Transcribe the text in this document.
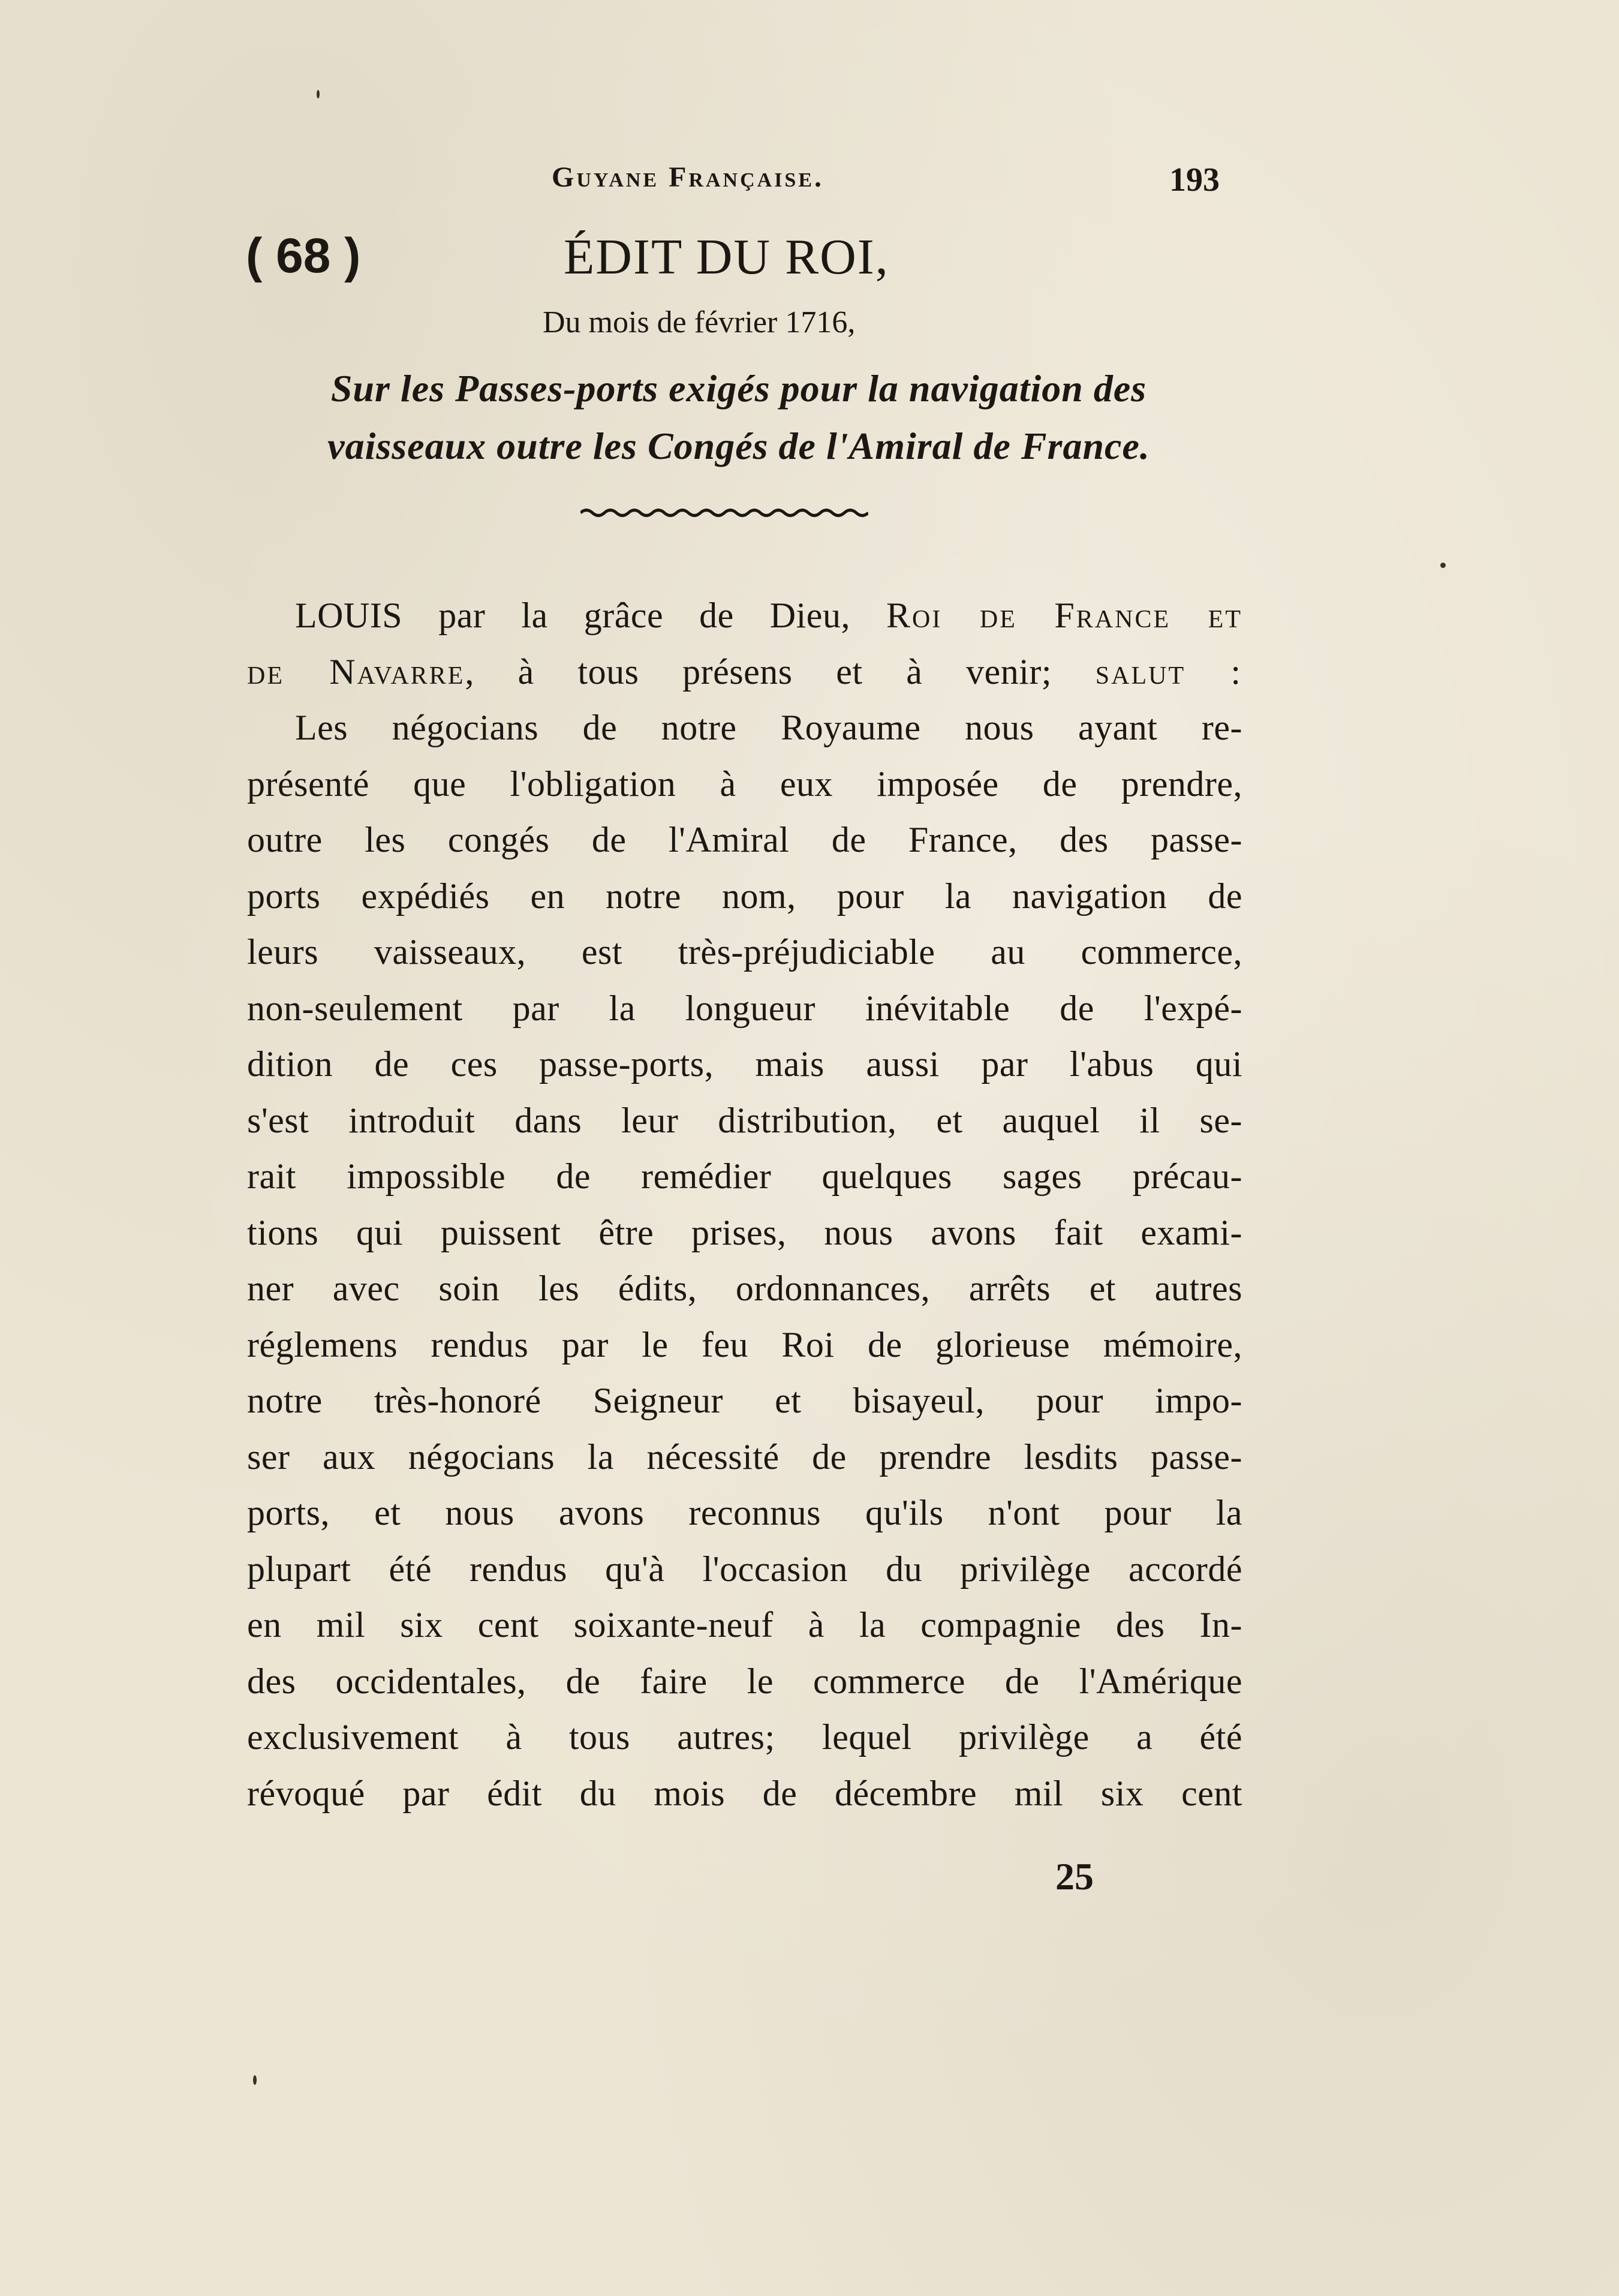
Guyane Française.	193
( 68 )	ÉDIT DU ROI,
Du mois de février 1716,
Sur les Passes-ports exigés pour la navigation des
vaisseaux outre les Congés de l'Amiral de France.
LOUIS par la grâce de Dieu, Roi de France et
de Navarre, à tous présens et à venir; salut :
Les négocians de notre Royaume nous ayant re-
présenté que l'obligation à eux imposée de prendre,
outre les congés de l'Amiral de France, des passe-
ports expédiés en notre nom, pour la navigation de
leurs vaisseaux, est très-préjudiciable au commerce,
non-seulement par la longueur inévitable de l'expé-
dition de ces passe-ports, mais aussi par l'abus qui
s'est introduit dans leur distribution, et auquel il se-
rait impossible de remédier quelques sages précau-
tions qui puissent être prises, nous avons fait exami-
ner avec soin les édits, ordonnances, arrêts et autres
réglemens rendus par le feu Roi de glorieuse mémoire,
notre très-honoré Seigneur et bisayeul, pour impo-
ser aux négocians la nécessité de prendre lesdits passe-
ports, et nous avons reconnus qu'ils n'ont pour la
plupart été rendus qu'à l'occasion du privilège accordé
en mil six cent soixante-neuf à la compagnie des In-
des occidentales, de faire le commerce de l'Amérique
exclusivement à tous autres; lequel privilège a été
révoqué par édit du mois de décembre mil six cent
25
